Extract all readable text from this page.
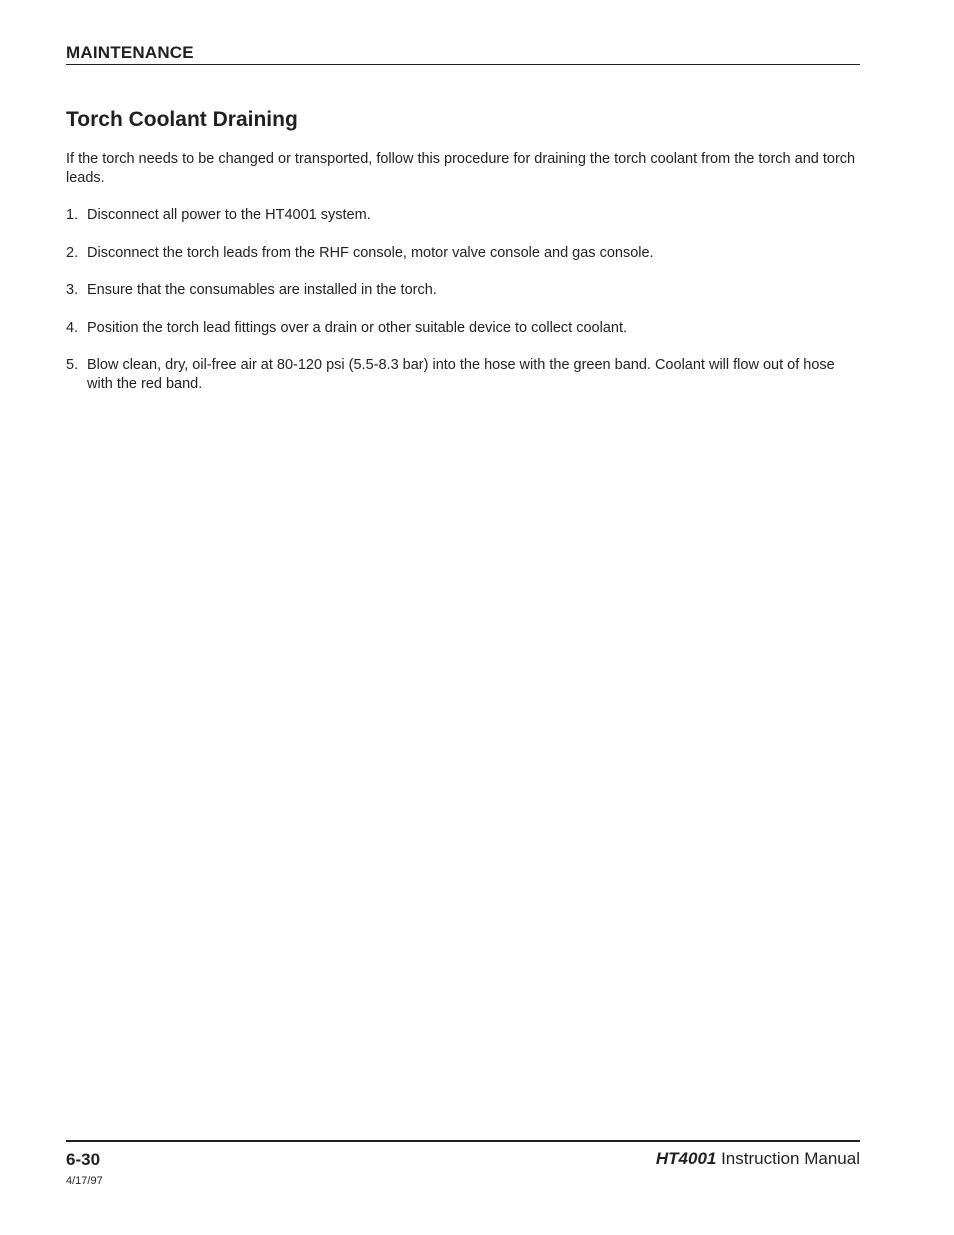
MAINTENANCE
Torch Coolant Draining

If the torch needs to be changed or transported, follow this procedure for draining the torch coolant from the torch and torch leads.

1. Disconnect all power to the HT4001 system.
2. Disconnect the torch leads from the RHF console, motor valve console and gas console.
3. Ensure that the consumables are installed in the torch.
4. Position the torch lead fittings over a drain or other suitable device to collect coolant.
5. Blow clean, dry, oil-free air at 80-120 psi (5.5-8.3 bar) into the hose with the green band. Coolant will flow out of hose with the red band.
6-30
4/17/97
HT4001 Instruction Manual
